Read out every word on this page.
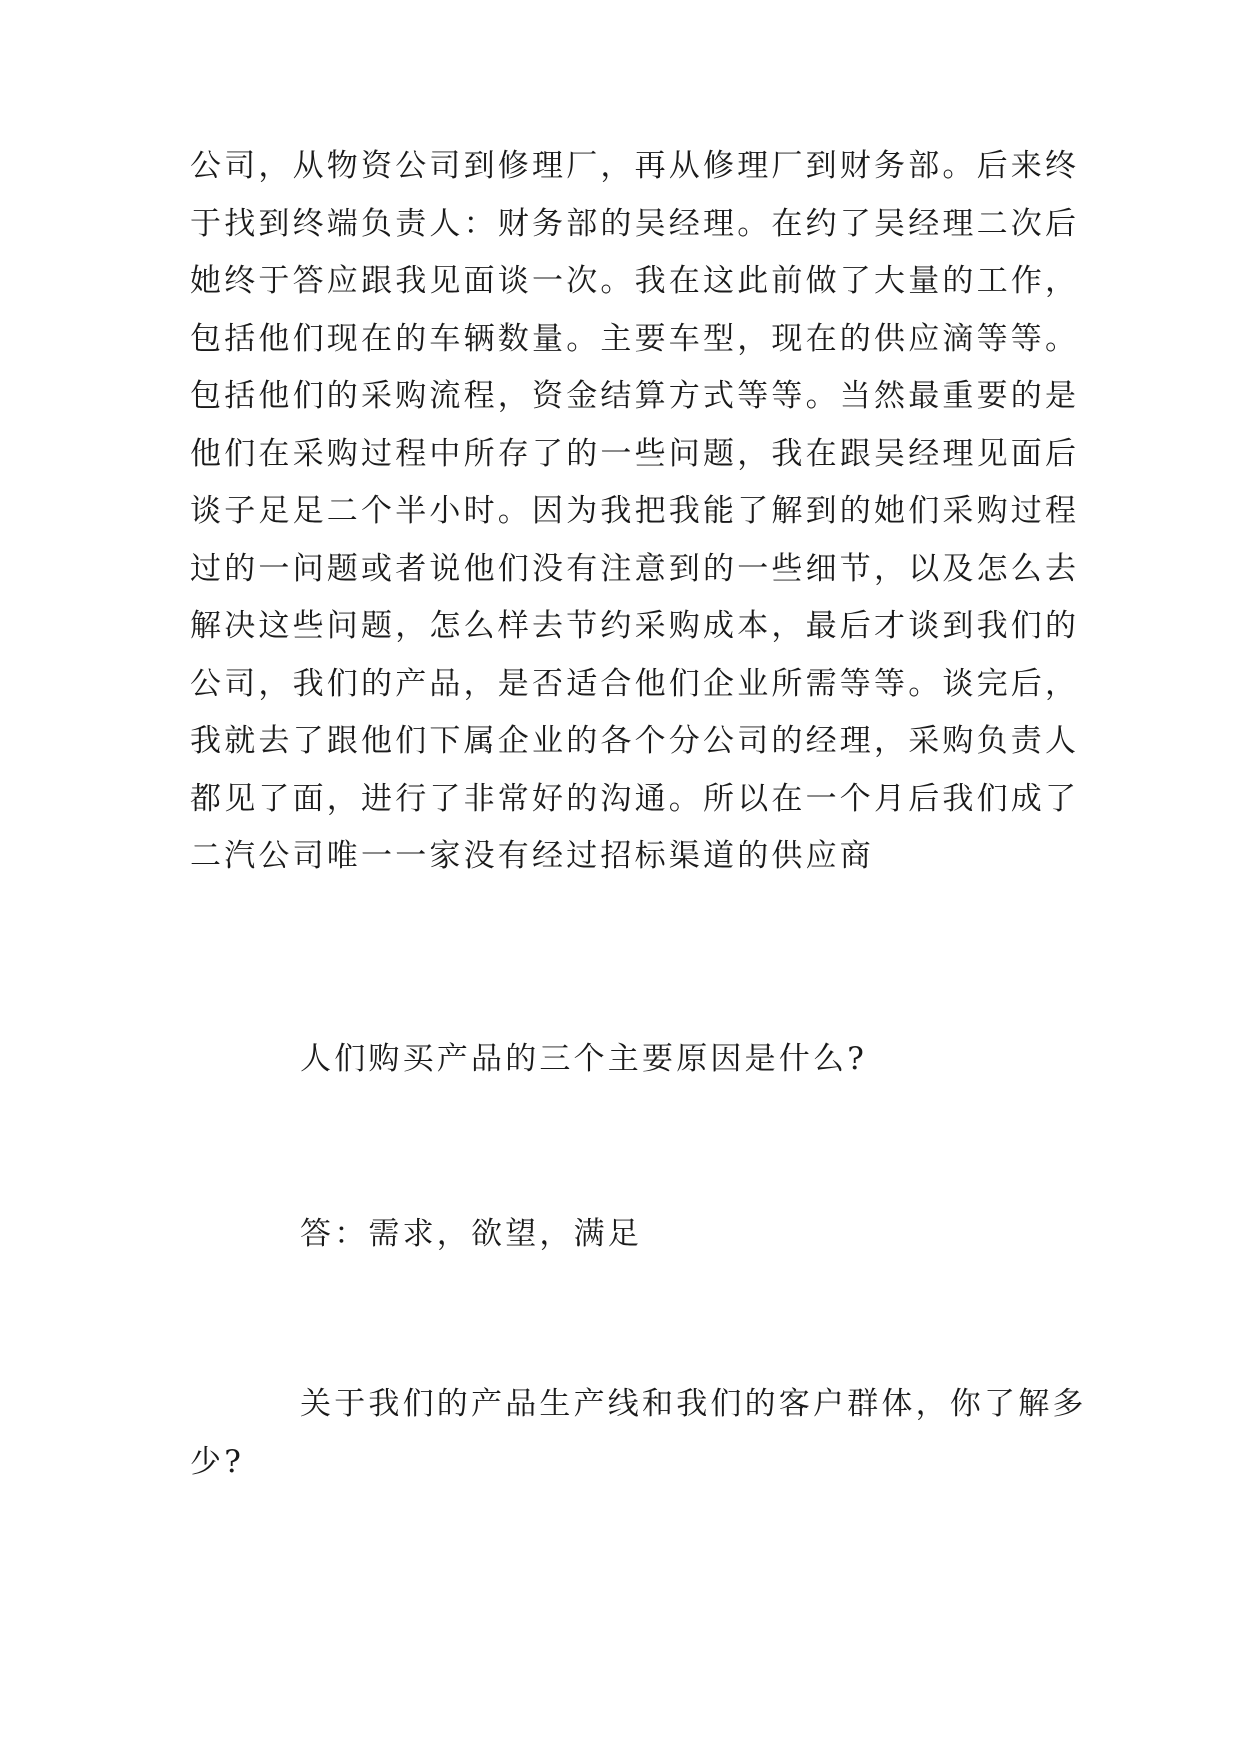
公司，从物资公司到修理厂，再从修理厂到财务部。后来终
于找到终端负责人：财务部的吴经理。在约了吴经理二次后
她终于答应跟我见面谈一次。我在这此前做了大量的工作，
包括他们现在的车辆数量。主要车型，现在的供应滴等等。
包括他们的采购流程，资金结算方式等等。当然最重要的是
他们在采购过程中所存了的一些问题，我在跟吴经理见面后
谈子足足二个半小时。因为我把我能了解到的她们采购过程
过的一问题或者说他们没有注意到的一些细节，以及怎么去
解决这些问题，怎么样去节约采购成本，最后才谈到我们的
公司，我们的产品，是否适合他们企业所需等等。谈完后，
我就去了跟他们下属企业的各个分公司的经理，采购负责人
都见了面，进行了非常好的沟通。所以在一个月后我们成了
二汽公司唯一一家没有经过招标渠道的供应商

人们购买产品的三个主要原因是什么?

答：需求，欲望，满足

关于我们的产品生产线和我们的客户群体，你了解多

少?
